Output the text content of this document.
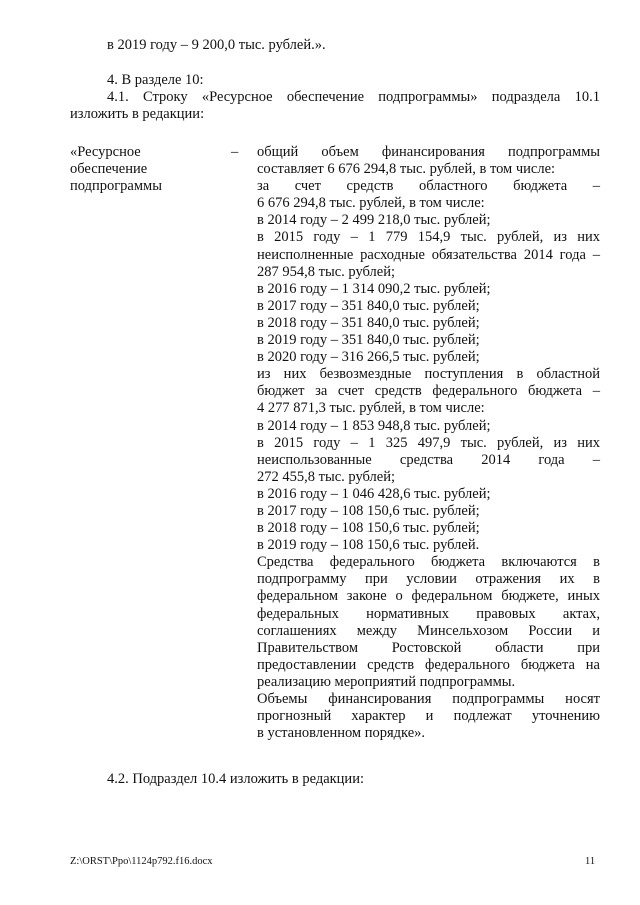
в 2019 году – 9 200,0 тыс. рублей.».
4. В разделе 10:
4.1. Строку «Ресурсное обеспечение подпрограммы» подраздела 10.1
изложить в редакции:
«Ресурсное
обеспечение
подпрограммы
– общий объем финансирования подпрограммы
составляет 6 676 294,8 тыс. рублей, в том числе:
за счет средств областного бюджета –
6 676 294,8 тыс. рублей, в том числе:
в 2014 году – 2 499 218,0 тыс. рублей;
в 2015 году – 1 779 154,9 тыс. рублей, из них
неисполненные расходные обязательства 2014 года –
287 954,8 тыс. рублей;
в 2016 году – 1 314 090,2 тыс. рублей;
в 2017 году – 351 840,0 тыс. рублей;
в 2018 году – 351 840,0 тыс. рублей;
в 2019 году – 351 840,0 тыс. рублей;
в 2020 году – 316 266,5 тыс. рублей;
из них безвозмездные поступления в областной
бюджет за счет средств федерального бюджета –
4 277 871,3 тыс. рублей, в том числе:
в 2014 году – 1 853 948,8 тыс. рублей;
в 2015 году – 1 325 497,9 тыс. рублей, из них
неиспользованные средства 2014 года –
272 455,8 тыс. рублей;
в 2016 году – 1 046 428,6 тыс. рублей;
в 2017 году – 108 150,6 тыс. рублей;
в 2018 году – 108 150,6 тыс. рублей;
в 2019 году – 108 150,6 тыс. рублей.
Средства федерального бюджета включаются в
подпрограмму при условии отражения их в
федеральном законе о федеральном бюджете, иных
федеральных нормативных правовых актах,
соглашениях между Минсельхозом России и
Правительством Ростовской области при
предоставлении средств федерального бюджета на
реализацию мероприятий подпрограммы.
Объемы финансирования подпрограммы носят
прогнозный характер и подлежат уточнению
в установленном порядке».
4.2. Подраздел 10.4 изложить в редакции:
Z:\ORST\Ppo\1124p792.f16.docx	11
